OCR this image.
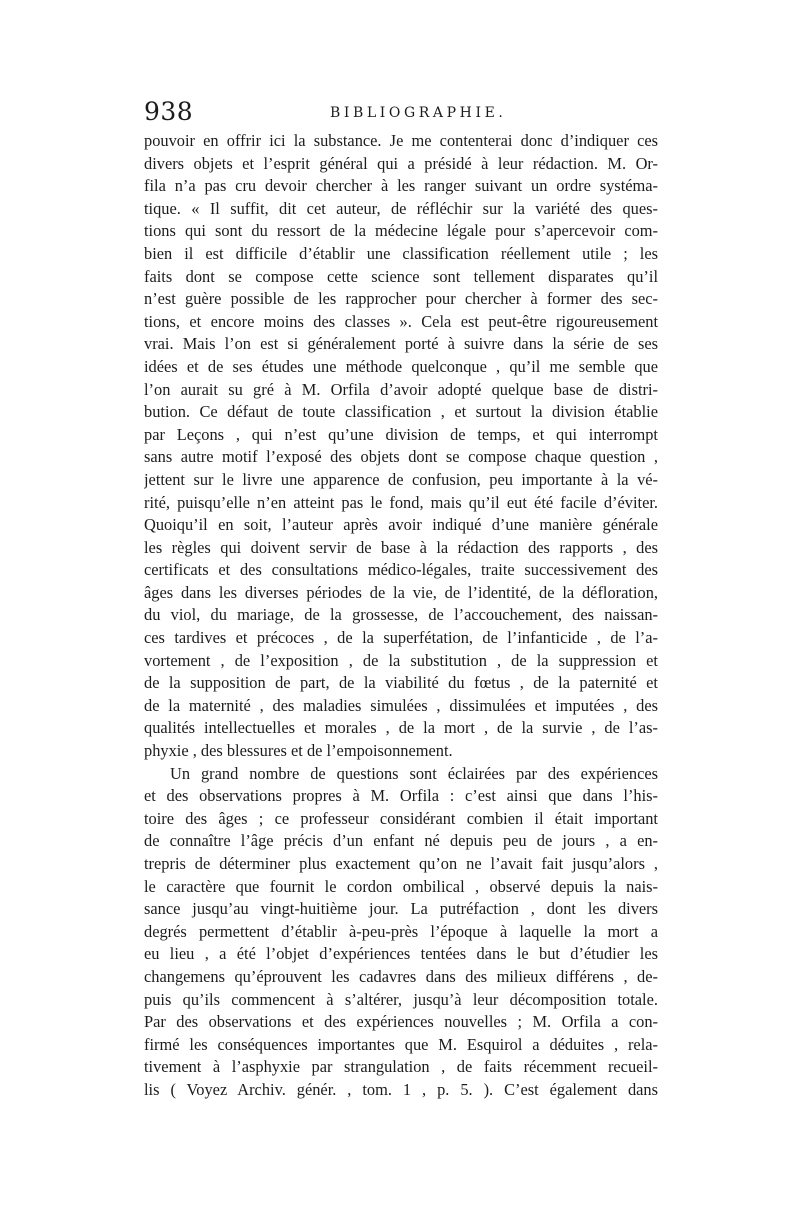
938	BIBLIOGRAPHIE.
pouvoir en offrir ici la substance. Je me contenterai donc d’indiquer ces
divers objets et l’esprit général qui a présidé à leur rédaction. M. Or-
fila n’a pas cru devoir chercher à les ranger suivant un ordre systéma-
tique. « Il suffit, dit cet auteur, de réfléchir sur la variété des ques-
tions qui sont du ressort de la médecine légale pour s’apercevoir com-
bien il est difficile d’établir une classification réellement utile ; les
faits dont se compose cette science sont tellement disparates qu’il
n’est guère possible de les rapprocher pour chercher à former des sec-
tions, et encore moins des classes ». Cela est peut-être rigoureusement
vrai. Mais l’on est si généralement porté à suivre dans la série de ses
idées et de ses études une méthode quelconque , qu’il me semble que
l’on aurait su gré à M. Orfila d’avoir adopté quelque base de distri-
bution. Ce défaut de toute classification , et surtout la division établie
par Leçons , qui n’est qu’une division de temps, et qui interrompt
sans autre motif l’exposé des objets dont se compose chaque question ,
jettent sur le livre une apparence de confusion, peu importante à la vé-
rité, puisqu’elle n’en atteint pas le fond, mais qu’il eut été facile d’éviter.
Quoiqu’il en soit, l’auteur après avoir indiqué d’une manière générale
les règles qui doivent servir de base à la rédaction des rapports , des
certificats et des consultations médico-légales, traite successivement des
âges dans les diverses périodes de la vie, de l’identité, de la défloration,
du viol, du mariage, de la grossesse, de l’accouchement, des naissan-
ces tardives et précoces , de la superfétation, de l’infanticide , de l’a-
vortement , de l’exposition , de la substitution , de la suppression et
de la supposition de part, de la viabilité du fœtus , de la paternité et
de la maternité , des maladies simulées , dissimulées et imputées , des
qualités intellectuelles et morales , de la mort , de la survie , de l’as-
phyxie , des blessures et de l’empoisonnement.
Un grand nombre de questions sont éclairées par des expériences
et des observations propres à M. Orfila : c’est ainsi que dans l’his-
toire des âges ; ce professeur considérant combien il était important
de connaître l’âge précis d’un enfant né depuis peu de jours , a en-
trepris de déterminer plus exactement qu’on ne l’avait fait jusqu’alors ,
le caractère que fournit le cordon ombilical , observé depuis la nais-
sance jusqu’au vingt-huitième jour. La putréfaction , dont les divers
degrés permettent d’établir à-peu-près l’époque à laquelle la mort a
eu lieu , a été l’objet d’expériences tentées dans le but d’étudier les
changemens qu’éprouvent les cadavres dans des milieux différens , de-
puis qu’ils commencent à s’altérer, jusqu’à leur décomposition totale.
Par des observations et des expériences nouvelles ; M. Orfila a con-
firmé les conséquences importantes que M. Esquirol a déduites , rela-
tivement à l’asphyxie par strangulation , de faits récemment recueil-
lis ( Voyez Archiv. génér. , tom. 1 , p. 5. ). C’est également dans
